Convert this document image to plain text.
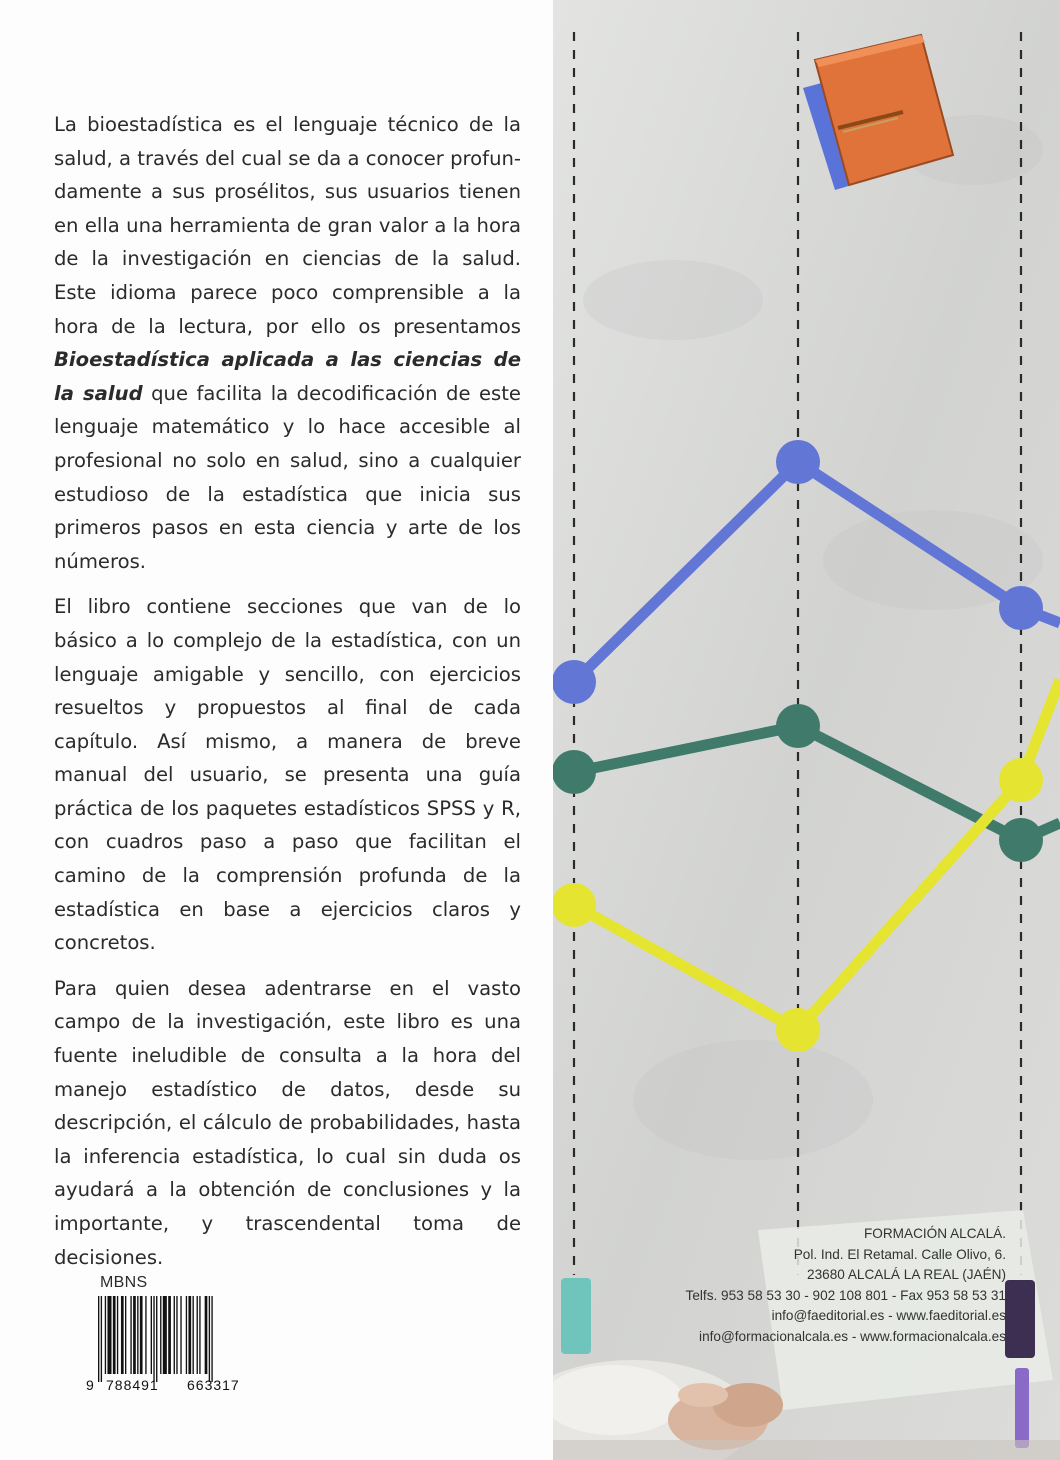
La bioestadística es el lenguaje técnico de la salud, a través del cual se da a conocer profundamente a sus prosélitos, sus usuarios tienen en ella una herramienta de gran valor a la hora de la investigación en ciencias de la salud. Este idioma parece poco comprensible a la hora de la lectura, por ello os presentamos Bioestadística aplicada a las ciencias de la salud que facilita la decodificación de este lenguaje matemático y lo hace accesible al profesional no solo en salud, sino a cualquier estudioso de la estadística que inicia sus primeros pasos en esta ciencia y arte de los números.

El libro contiene secciones que van de lo básico a lo complejo de la estadística, con un lenguaje amigable y sencillo, con ejercicios resueltos y propuestos al final de cada capítulo. Así mismo, a manera de breve manual del usuario, se presenta una guía práctica de los paquetes estadísticos SPSS y R, con cuadros paso a paso que facilitan el camino de la comprensión profunda de la estadística en base a ejercicios claros y concretos.

Para quien desea adentrarse en el vasto campo de la investigación, este libro es una fuente ineludible de consulta a la hora del manejo estadístico de datos, desde su descripción, el cálculo de probabilidades, hasta la inferencia estadística, lo cual sin duda os ayudará a la obtención de conclusiones y la importante, y trascendental toma de decisiones.

MBNS
9 788491 663317
FORMACIÓN ALCALÁ.
Pol. Ind. El Retamal. Calle Olivo, 6.
23680 ALCALÁ LA REAL (JAÉN)
Telfs. 953 58 53 30 - 902 108 801 - Fax 953 58 53 31
info@faeditorial.es - www.faeditorial.es
info@formacionalcala.es - www.formacionalcala.es
